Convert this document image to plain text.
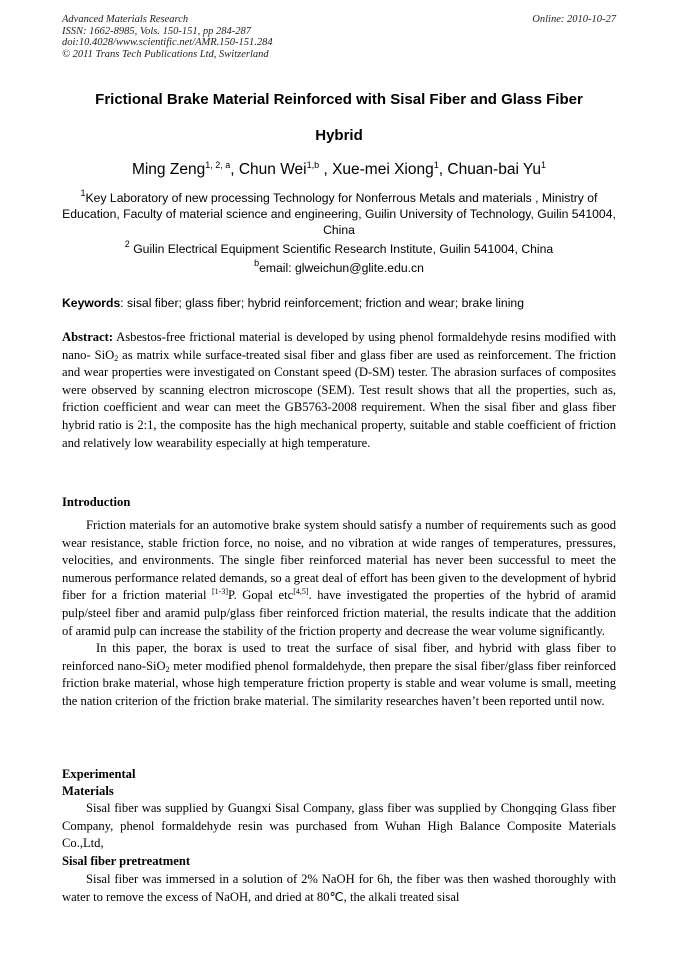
Advanced Materials Research
ISSN: 1662-8985, Vols. 150-151, pp 284-287
doi:10.4028/www.scientific.net/AMR.150-151.284
© 2011 Trans Tech Publications Ltd, Switzerland
Online: 2010-10-27
Frictional Brake Material Reinforced with Sisal Fiber and Glass Fiber
Hybrid
Ming Zeng$^{1, 2, a}$, Chun Wei$^{1,b}$ , Xue-mei Xiong$^1$, Chuan-bai Yu$^1$
$^1$Key Laboratory of new processing Technology for Nonferrous Metals and materials , Ministry of Education, Faculty of material science and engineering, Guilin University of Technology, Guilin 541004, China
$^2$ Guilin Electrical Equipment Scientific Research Institute, Guilin 541004, China
$^b$email: glweichun@glite.edu.cn
Keywords: sisal fiber; glass fiber; hybrid reinforcement; friction and wear; brake lining

Abstract: Asbestos-free frictional material is developed by using phenol formaldehyde resins modified with nano- SiO$_2$ as matrix while surface-treated sisal fiber and glass fiber are used as reinforcement. The friction and wear properties were investigated on Constant speed (D-SM) tester. The abrasion surfaces of composites were observed by scanning electron microscope (SEM). Test result shows that all the properties, such as, friction coefficient and wear can meet the GB5763-2008 requirement. When the sisal fiber and glass fiber hybrid ratio is 2:1, the composite has the high mechanical property, suitable and stable coefficient of friction and relatively low wearability especially at high temperature.

Introduction

Friction materials for an automotive brake system should satisfy a number of requirements such as good wear resistance, stable friction force, no noise, and no vibration at wide ranges of temperatures, pressures, velocities, and environments. The single fiber reinforced material has never been successful to meet the numerous performance related demands, so a great deal of effort has been given to the development of hybrid fiber for a friction material [1-3]P. Gopal etc[4,5]. have investigated the properties of the hybrid of aramid pulp/steel fiber and aramid pulp/glass fiber reinforced friction material, the results indicate that the addition of aramid pulp can increase the stability of the friction property and decrease the wear volume significantly.

In this paper, the borax is used to treat the surface of sisal fiber, and hybrid with glass fiber to reinforced nano-SiO$_2$ meter modified phenol formaldehyde, then prepare the sisal fiber/glass fiber reinforced friction brake material, whose high temperature friction property is stable and wear volume is small, meeting the nation criterion of the friction brake material. The similarity researches haven’t been reported until now.

Experimental
Materials

Sisal fiber was supplied by Guangxi Sisal Company, glass fiber was supplied by Chongqing Glass fiber Company, phenol formaldehyde resin was purchased from Wuhan High Balance Composite Materials Co.,Ltd,

Sisal fiber pretreatment

Sisal fiber was immersed in a solution of 2% NaOH for 6h, the fiber was then washed thoroughly with water to remove the excess of NaOH, and dried at 80℃, the alkali treated sisal
